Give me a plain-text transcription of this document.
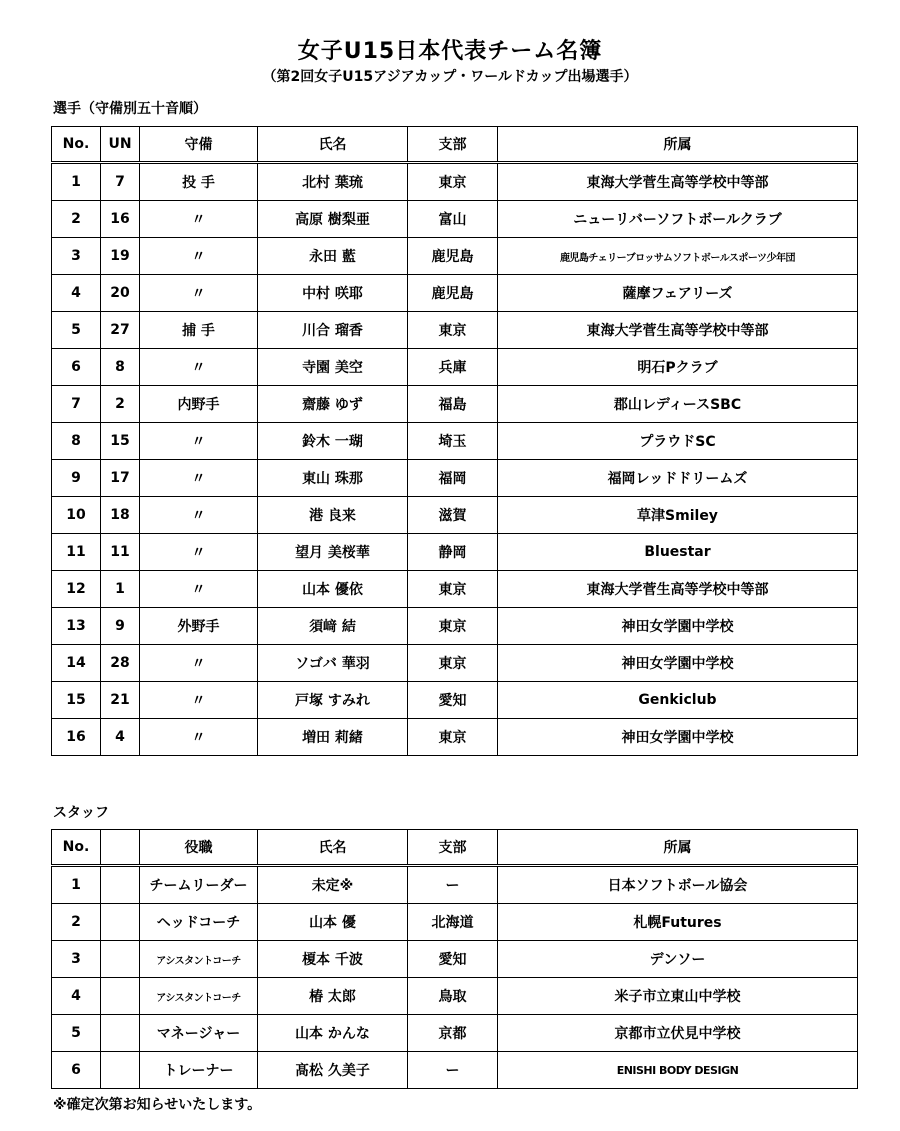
女子U15日本代表チーム名簿
（第2回女子U15アジアカップ・ワールドカップ出場選手）
選手（守備別五十音順）
No.	UN	守備	氏名	支部	所属
1	7	投 手	北村 葉琉	東京	東海大学菅生高等学校中等部
2	16	〃	高原 樹梨亜	富山	ニューリバーソフトボールクラブ
3	19	〃	永田 藍	鹿児島	鹿児島チェリーブロッサムソフトボールスポーツ少年団
4	20	〃	中村 咲耶	鹿児島	薩摩フェアリーズ
5	27	捕 手	川合 瑠香	東京	東海大学菅生高等学校中等部
6	8	〃	寺園 美空	兵庫	明石Pクラブ
7	2	内野手	齋藤 ゆず	福島	郡山レディースSBC
8	15	〃	鈴木 一瑚	埼玉	プラウドSC
9	17	〃	東山 珠那	福岡	福岡レッドドリームズ
10	18	〃	港 良来	滋賀	草津Smiley
11	11	〃	望月 美桜華	静岡	Bluestar
12	1	〃	山本 優依	東京	東海大学菅生高等学校中等部
13	9	外野手	須﨑 結	東京	神田女学園中学校
14	28	〃	ソゴバ 華羽	東京	神田女学園中学校
15	21	〃	戸塚 すみれ	愛知	Genkiclub
16	4	〃	増田 莉緒	東京	神田女学園中学校
スタッフ
No.		役職	氏名	支部	所属
1		チームリーダー	未定※	ー	日本ソフトボール協会
2		ヘッドコーチ	山本 優	北海道	札幌Futures
3		アシスタントコーチ	榎本 千波	愛知	デンソー
4		アシスタントコーチ	椿 太郎	鳥取	米子市立東山中学校
5		マネージャー	山本 かんな	京都	京都市立伏見中学校
6		トレーナー	髙松 久美子	ー	ENISHI BODY DESIGN
※確定次第お知らせいたします。
